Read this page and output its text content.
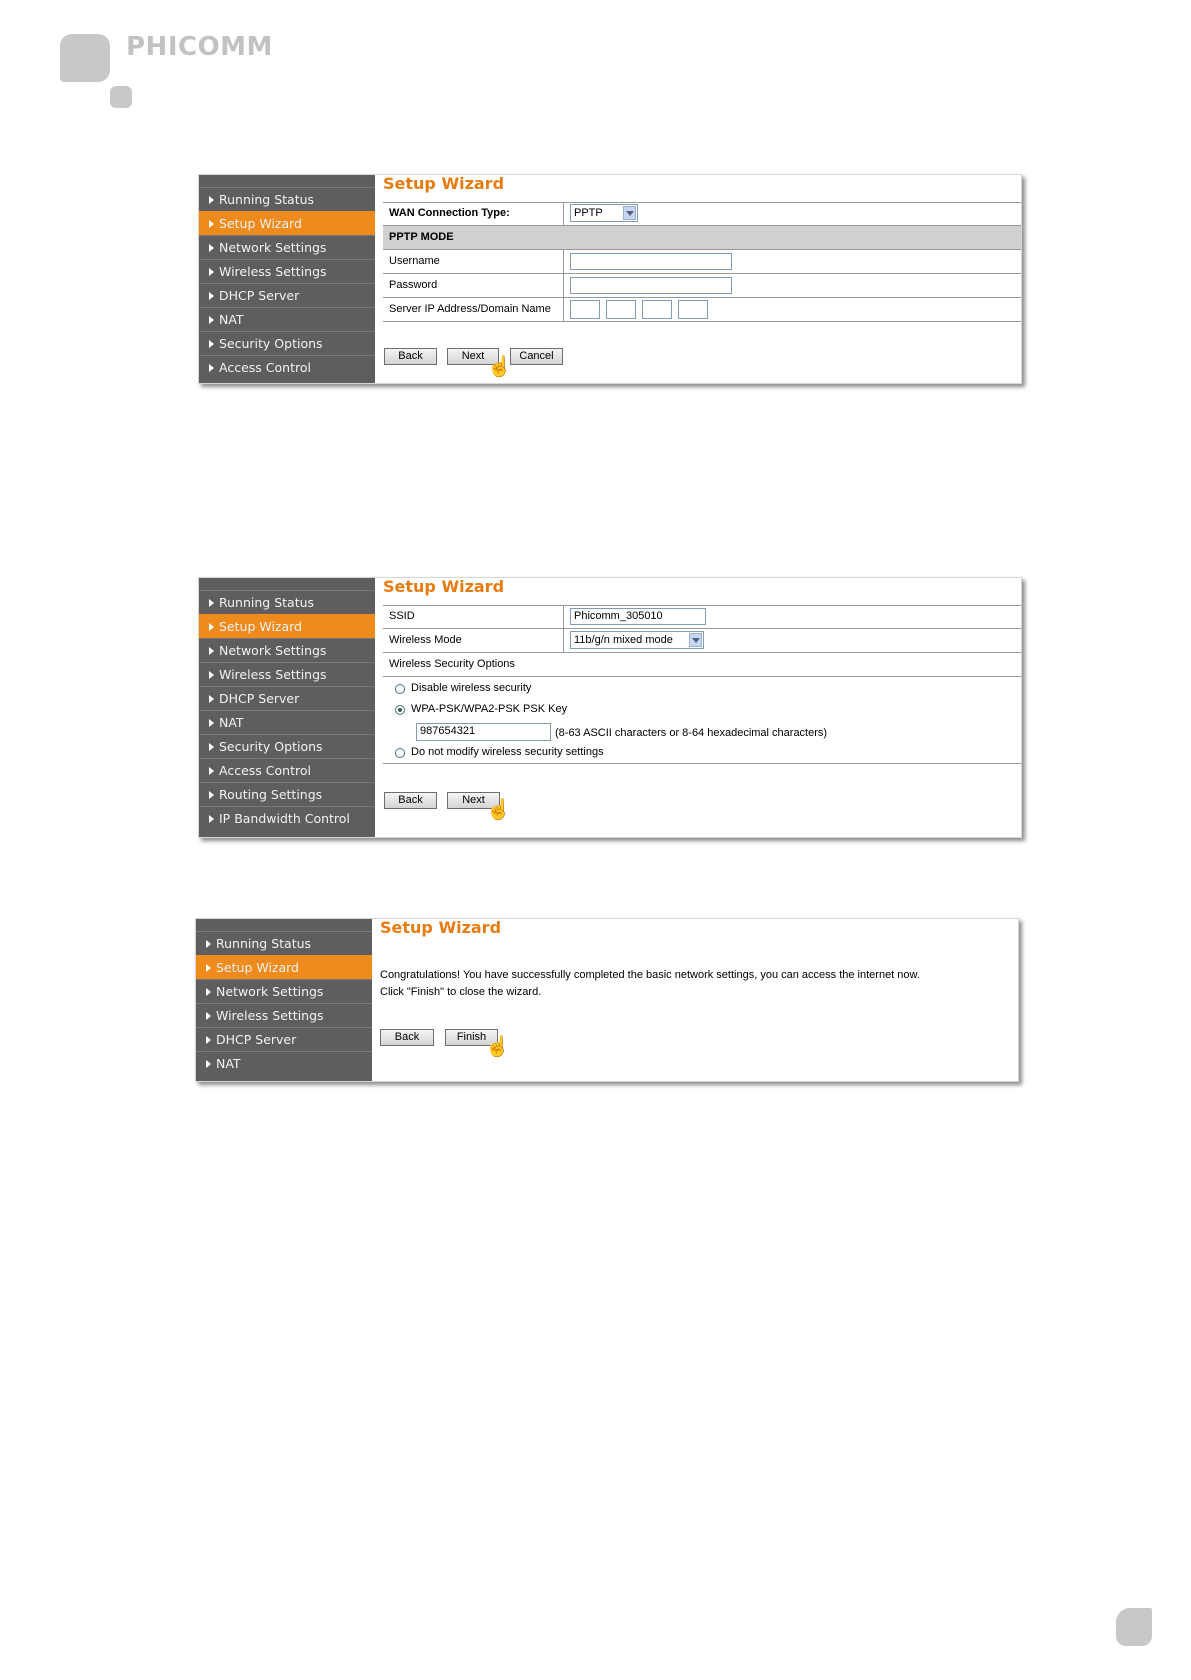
PHICOMM
Running Status
Setup Wizard
Network Settings
Wireless Settings
DHCP Server
NAT
Security Options
Access Control
Setup Wizard
WAN Connection Type:	PPTP
PPTP MODE
Username
Password
Server IP Address/Domain Name
Back	Next	Cancel
☝
Running Status
Setup Wizard
Network Settings
Wireless Settings
DHCP Server
NAT
Security Options
Access Control
Routing Settings
IP Bandwidth Control
Setup Wizard
SSID	Phicomm_305010
Wireless Mode	11b/g/n mixed mode
Wireless Security Options
Disable wireless security
WPA-PSK/WPA2-PSK PSK Key
987654321	(8-63 ASCII characters or 8-64 hexadecimal characters)
Do not modify wireless security settings
Back	Next ☝
Running Status
Setup Wizard
Network Settings
Wireless Settings
DHCP Server
NAT
Setup Wizard
Congratulations! You have successfully completed the basic network settings, you can access the internet now.
Click "Finish" to close the wizard.
Back	Finish
☝
